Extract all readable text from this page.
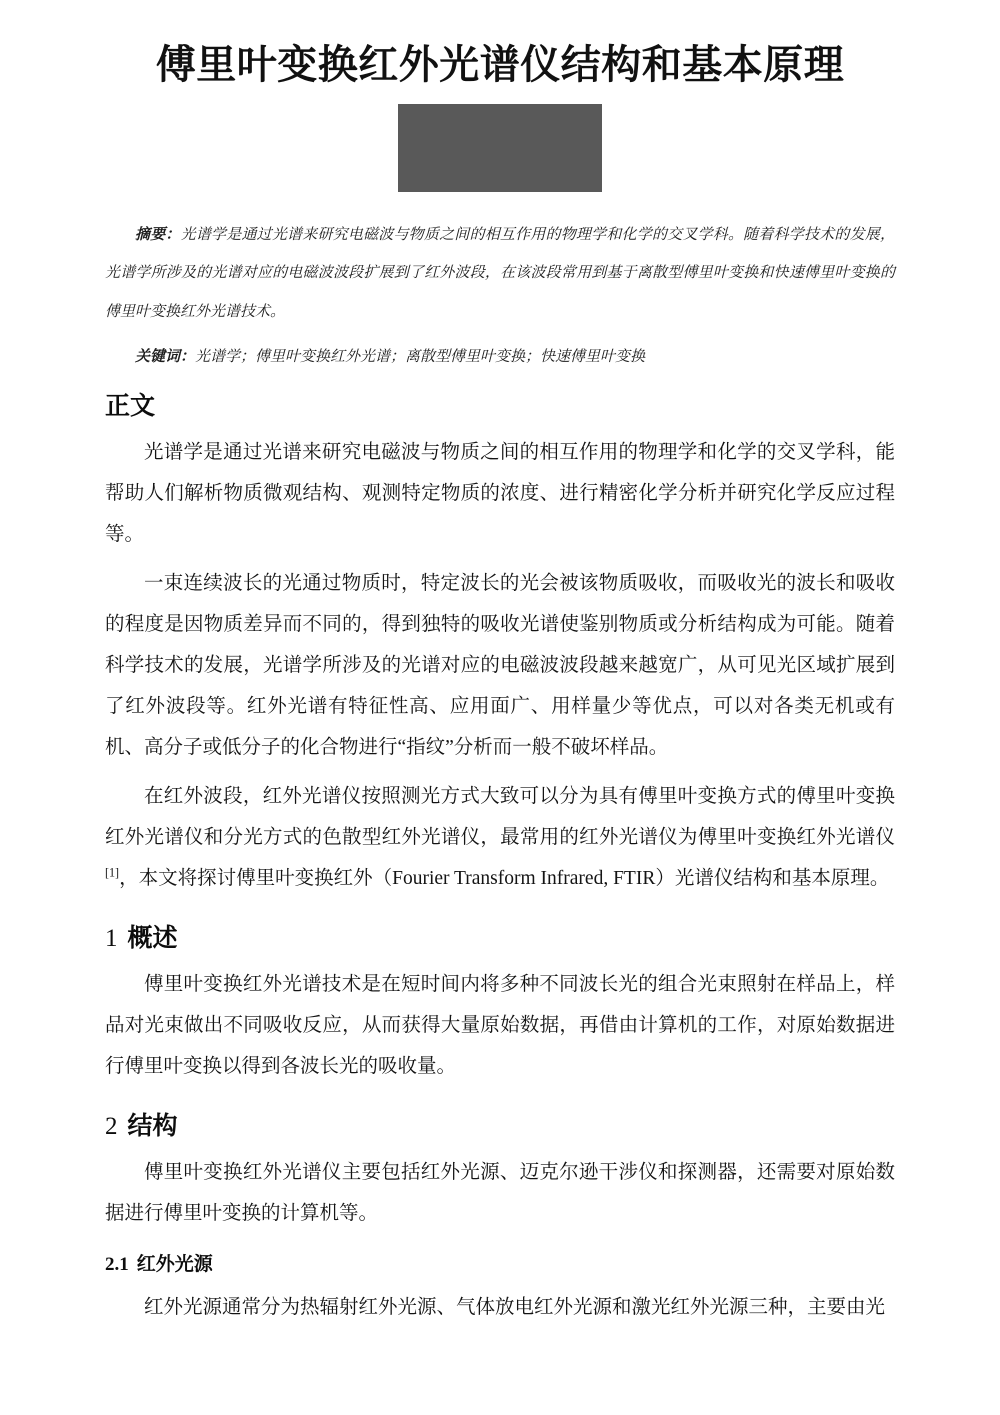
傅里叶变换红外光谱仪结构和基本原理

摘要：光谱学是通过光谱来研究电磁波与物质之间的相互作用的物理学和化学的交叉学科。随着科学技术的发展，光谱学所涉及的光谱对应的电磁波波段扩展到了红外波段，在该波段常用到基于离散型傅里叶变换和快速傅里叶变换的傅里叶变换红外光谱技术。

关键词：光谱学；傅里叶变换红外光谱；离散型傅里叶变换；快速傅里叶变换

正文

光谱学是通过光谱来研究电磁波与物质之间的相互作用的物理学和化学的交叉学科，能帮助人们解析物质微观结构、观测特定物质的浓度、进行精密化学分析并研究化学反应过程等。

一束连续波长的光通过物质时，特定波长的光会被该物质吸收，而吸收光的波长和吸收的程度是因物质差异而不同的，得到独特的吸收光谱使鉴别物质或分析结构成为可能。随着科学技术的发展，光谱学所涉及的光谱对应的电磁波波段越来越宽广，从可见光区域扩展到了红外波段等。红外光谱有特征性高、应用面广、用样量少等优点，可以对各类无机或有机、高分子或低分子的化合物进行“指纹”分析而一般不破坏样品。

在红外波段，红外光谱仪按照测光方式大致可以分为具有傅里叶变换方式的傅里叶变换红外光谱仪和分光方式的色散型红外光谱仪，最常用的红外光谱仪为傅里叶变换红外光谱仪[1]，本文将探讨傅里叶变换红外（Fourier Transform Infrared, FTIR）光谱仪结构和基本原理。

1 概述

傅里叶变换红外光谱技术是在短时间内将多种不同波长光的组合光束照射在样品上，样品对光束做出不同吸收反应，从而获得大量原始数据，再借由计算机的工作，对原始数据进行傅里叶变换以得到各波长光的吸收量。

2 结构

傅里叶变换红外光谱仪主要包括红外光源、迈克尔逊干涉仪和探测器，还需要对原始数据进行傅里叶变换的计算机等。

2.1 红外光源

红外光源通常分为热辐射红外光源、气体放电红外光源和激光红外光源三种，主要由光
